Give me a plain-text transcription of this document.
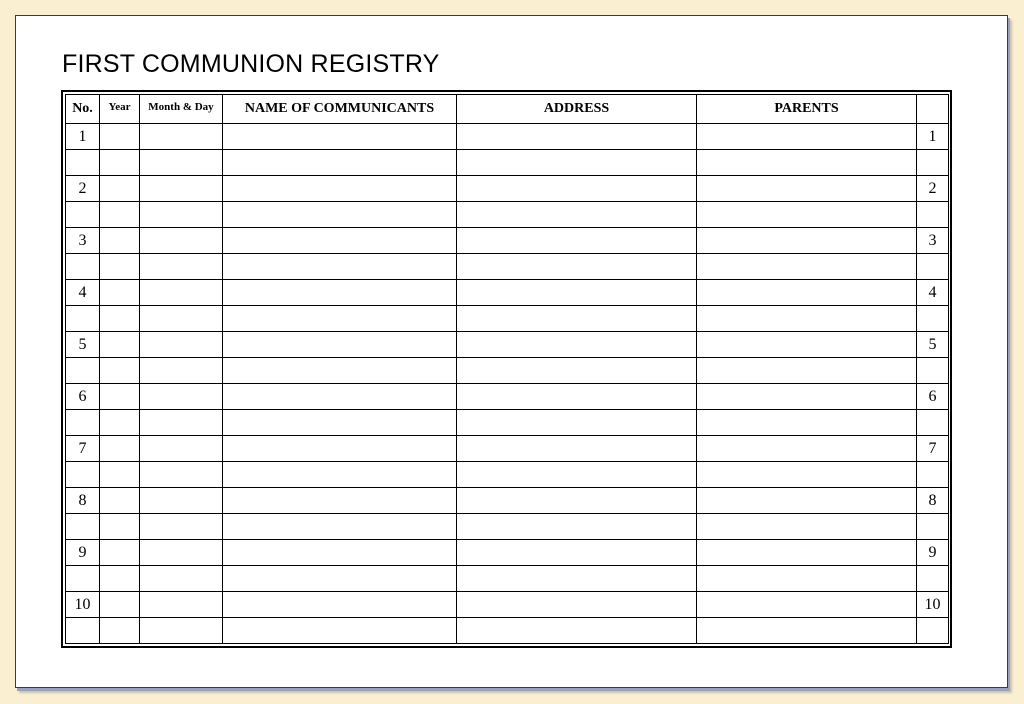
FIRST COMMUNION REGISTRY
No.	Year	Month & Day	NAME OF COMMUNICANTS	ADDRESS	PARENTS	
1						1

2						2

3						3

4						4

5						5

6						6

7						7

8						8

9						9

10						10
